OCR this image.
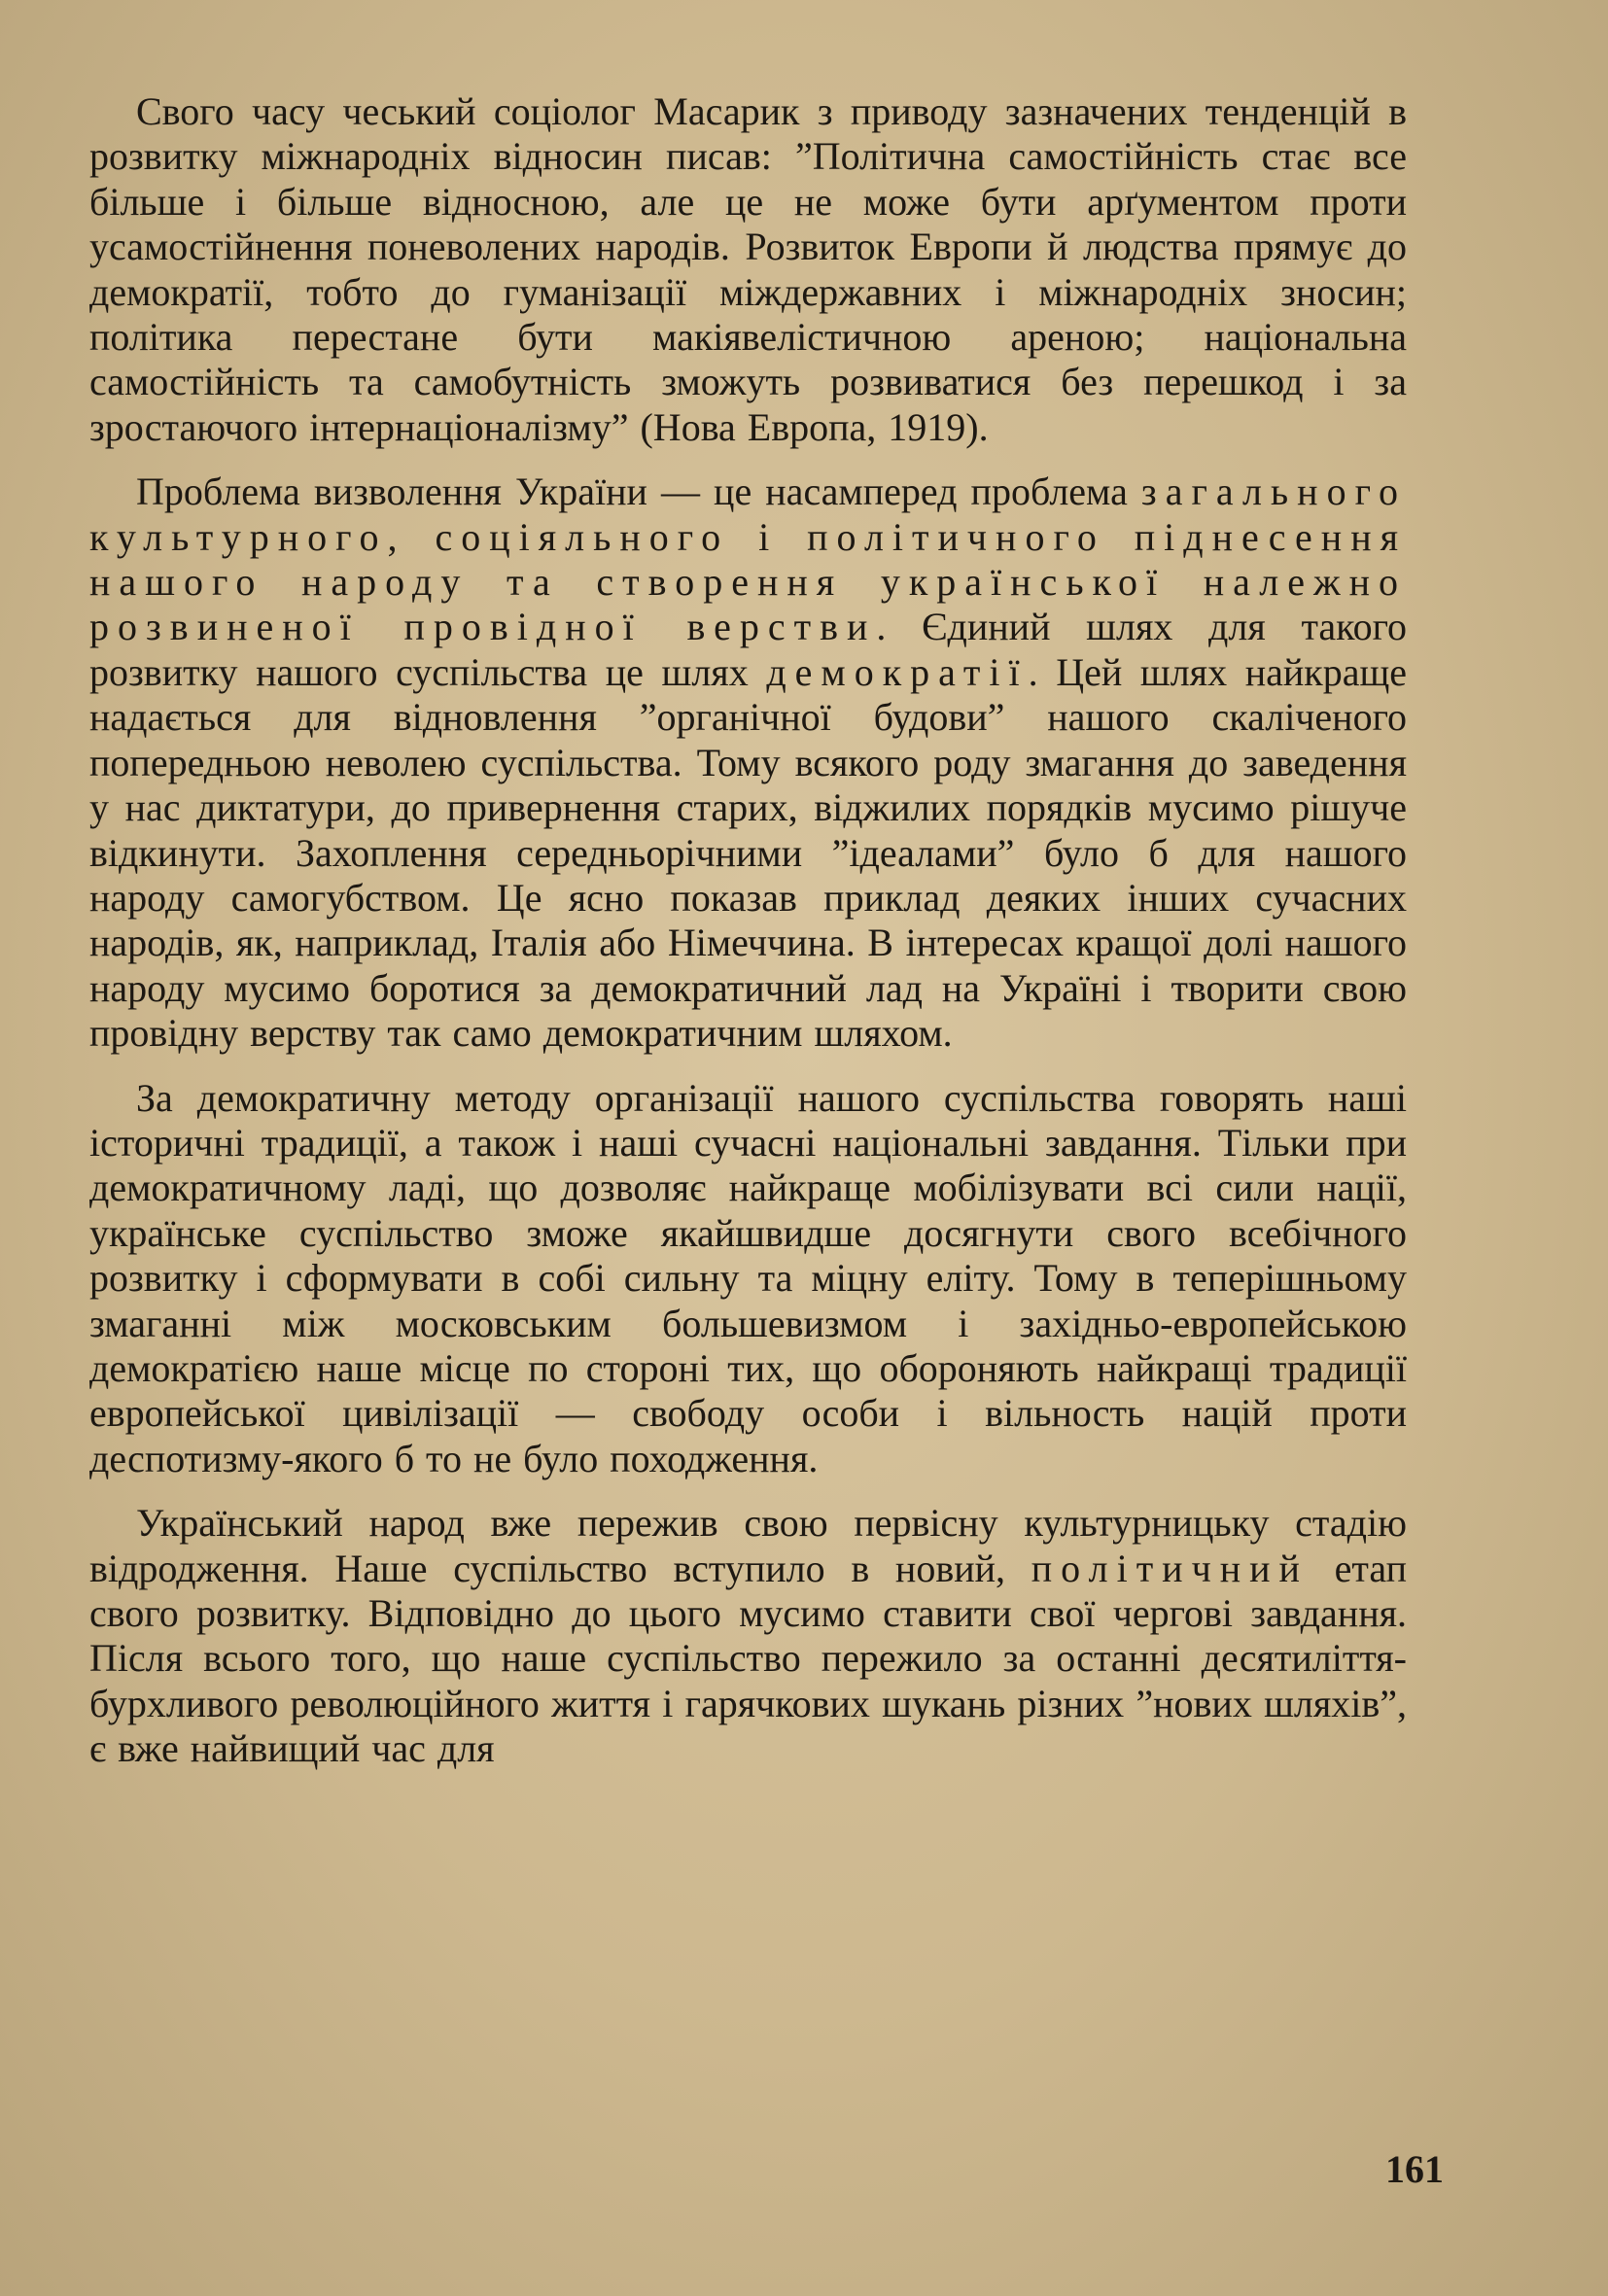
Свого часу чеський соціолог Масарик з приводу зазначених тенденцій в розвитку міжнародніх відносин писав: ”Політична самостійність стає все більше і більше відносною, але це не може бути арґументом проти усамостійнення поневолених народів. Розвиток Европи й людства прямує до демократії, тобто до гуманізації міждержавних і міжнародніх зносин; політика перестане бути макіявелістичною ареною; національна самостійність та самобутність зможуть розвиватися без перешкод і за зростаючого інтернаціоналізму” (Нова Европа, 1919).

Проблема визволення України — це насамперед проблема загального культурного, соціяльного і політичного піднесення нашого народу та створення української належно розвиненої провідної верстви. Єдиний шлях для такого розвитку нашого суспільства це шлях демократії. Цей шлях найкраще надається для відновлення ”органічної будови” нашого скаліченого попередньою неволею суспільства. Тому всякого роду змагання до заведення у нас диктатури, до привернення старих, віджилих порядків мусимо рішуче відкинути. Захоплення середньорічними ”ідеалами” було б для нашого народу самогубством. Це ясно показав приклад деяких інших сучасних народів, як, наприклад, Італія або Німеччина. В інтересах кращої долі нашого народу мусимо боротися за демократичний лад на Україні і творити свою провідну верству так само демократичним шляхом.

За демократичну методу організації нашого суспільства говорять наші історичні традиції, а також і наші сучасні національні завдання. Тільки при демократичному ладі, що дозволяє найкраще мобілізувати всі сили нації, українське суспільство зможе якайшвидше досягнути свого всебічного розвитку і сформувати в собі сильну та міцну еліту. Тому в теперішньому змаганні між московським большевизмом і західньо-европейською демократією наше місце по стороні тих, що обороняють найкращі традиції европейської цивілізації — свободу особи і вільность націй проти деспотизму-якого б то не було походження.

Український народ вже пережив свою первісну культурницьку стадію відродження. Наше суспільство вступило в новий, політичний етап свого розвитку. Відповідно до цього мусимо ставити свої чергові завдання. Після всього того, що наше суспільство пережило за останні десятиліття-бурхливого революційного життя і гарячкових шукань різних ”нових шляхів”, є вже найвищий час для

161
